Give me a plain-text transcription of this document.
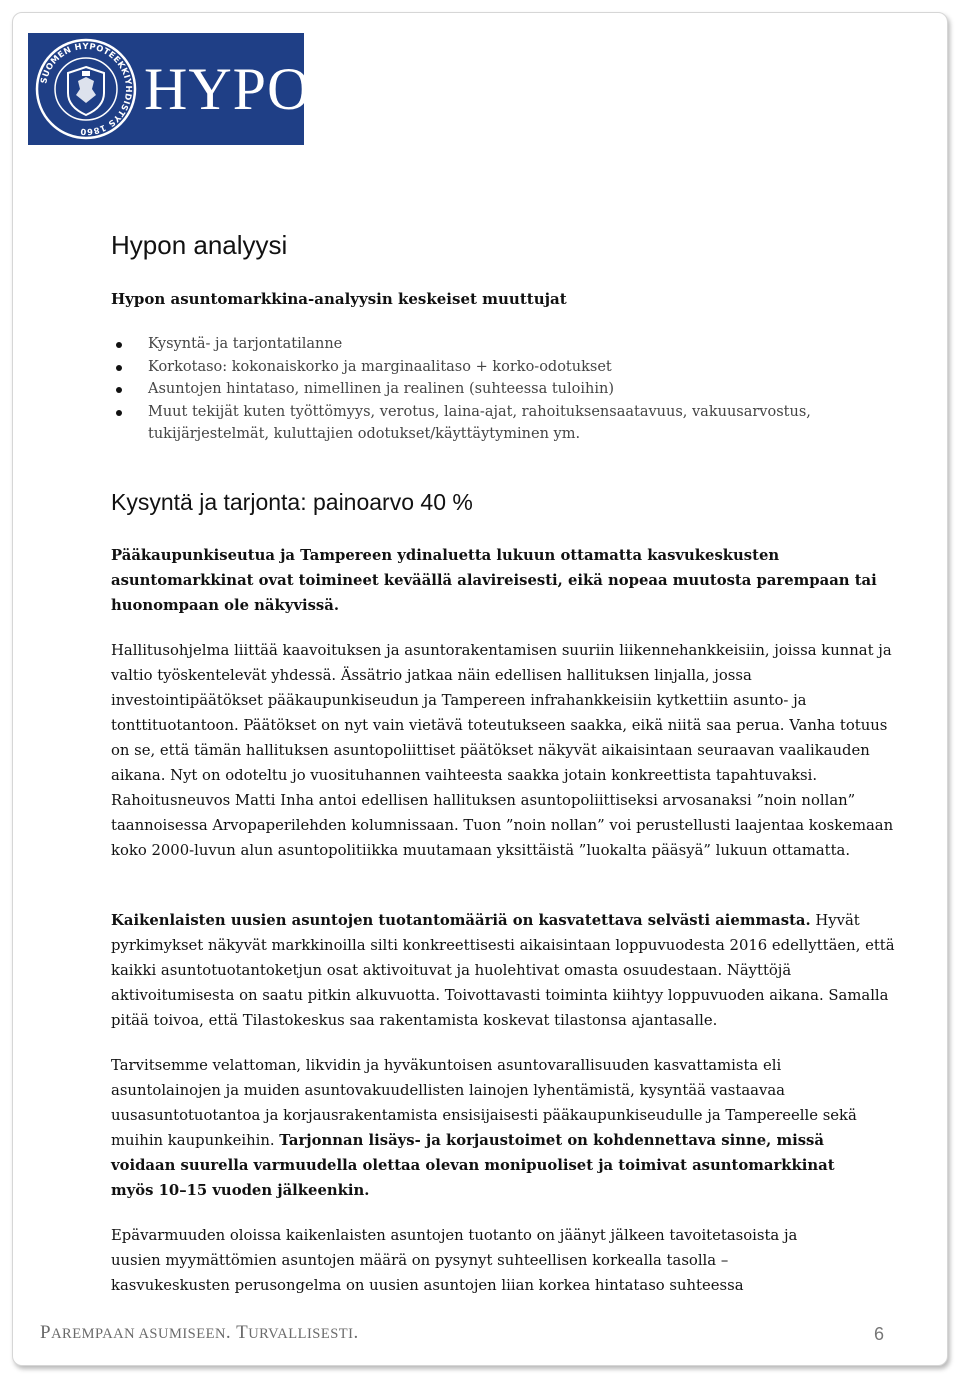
SUOMEN HYPOTEEKKIYHDISTYS 1860
HYPO
Hypon analyysi

Hypon asuntomarkkina-analyysin keskeiset muuttujat

Kysyntä- ja tarjontatilanne
Korkotaso: kokonaiskorko ja marginaalitaso + korko-odotukset
Asuntojen hintataso, nimellinen ja realinen (suhteessa tuloihin)
Muut tekijät kuten työttömyys, verotus, laina-ajat, rahoituksensaatavuus, vakuusarvostus, tukijärjestelmät, kuluttajien odotukset/käyttäytyminen ym.
Kysyntä ja tarjonta: painoarvo 40 %

Pääkaupunkiseutua ja Tampereen ydinaluetta lukuun ottamatta kasvukeskusten asuntomarkkinat ovat toimineet keväällä alavireisesti, eikä nopeaa muutosta parempaan tai huonompaan ole näkyvissä.

Hallitusohjelma liittää kaavoituksen ja asuntorakentamisen suuriin liikennehankkeisiin, joissa kunnat ja valtio työskentelevät yhdessä. Ässätrio jatkaa näin edellisen hallituksen linjalla, jossa investointipäätökset pääkaupunkiseudun ja Tampereen infrahankkeisiin kytkettiin asunto- ja tonttituotantoon. Päätökset on nyt vain vietävä toteutukseen saakka, eikä niitä saa perua. Vanha totuus on se, että tämän hallituksen asuntopoliittiset päätökset näkyvät aikaisintaan seuraavan vaalikauden aikana. Nyt on odoteltu jo vuosituhannen vaihteesta saakka jotain konkreettista tapahtuvaksi. Rahoitusneuvos Matti Inha antoi edellisen hallituksen asuntopoliittiseksi arvosanaksi ”noin nollan” taannoisessa Arvopaperilehden kolumnissaan. Tuon ”noin nollan” voi perustellusti laajentaa koskemaan koko 2000-luvun alun asuntopolitiikka muutamaan yksittäistä ”luokalta pääsyä” lukuun ottamatta.

Kaikenlaisten uusien asuntojen tuotantomääriä on kasvatettava selvästi aiemmasta. Hyvät pyrkimykset näkyvät markkinoilla silti konkreettisesti aikaisintaan loppuvuodesta 2016 edellyttäen, että kaikki asuntotuotantoketjun osat aktivoituvat ja huolehtivat omasta osuudestaan. Näyttöjä aktivoitumisesta on saatu pitkin alkuvuotta. Toivottavasti toiminta kiihtyy loppuvuoden aikana. Samalla pitää toivoa, että Tilastokeskus saa rakentamista koskevat tilastonsa ajantasalle.

Tarvitsemme velattoman, likvidin ja hyväkuntoisen asuntovarallisuuden kasvattamista eli asuntolainojen ja muiden asuntovakuudellisten lainojen lyhentämistä, kysyntää vastaavaa uusasuntotuotantoa ja korjausrakentamista ensisijaisesti pääkaupunkiseudulle ja Tampereelle sekä muihin kaupunkeihin. Tarjonnan lisäys- ja korjaustoimet on kohdennettava sinne, missä voidaan suurella varmuudella olettaa olevan monipuoliset ja toimivat asuntomarkkinat myös 10–15 vuoden jälkeenkin.

Epävarmuuden oloissa kaikenlaisten asuntojen tuotanto on jäänyt jälkeen tavoitetasoista ja uusien myymättömien asuntojen määrä on pysynyt suhteellisen korkealla tasolla – kasvukeskusten perusongelma on uusien asuntojen liian korkea hintataso suhteessa

PAREMPAAN ASUMISEEN. TURVALLISESTI.	6
